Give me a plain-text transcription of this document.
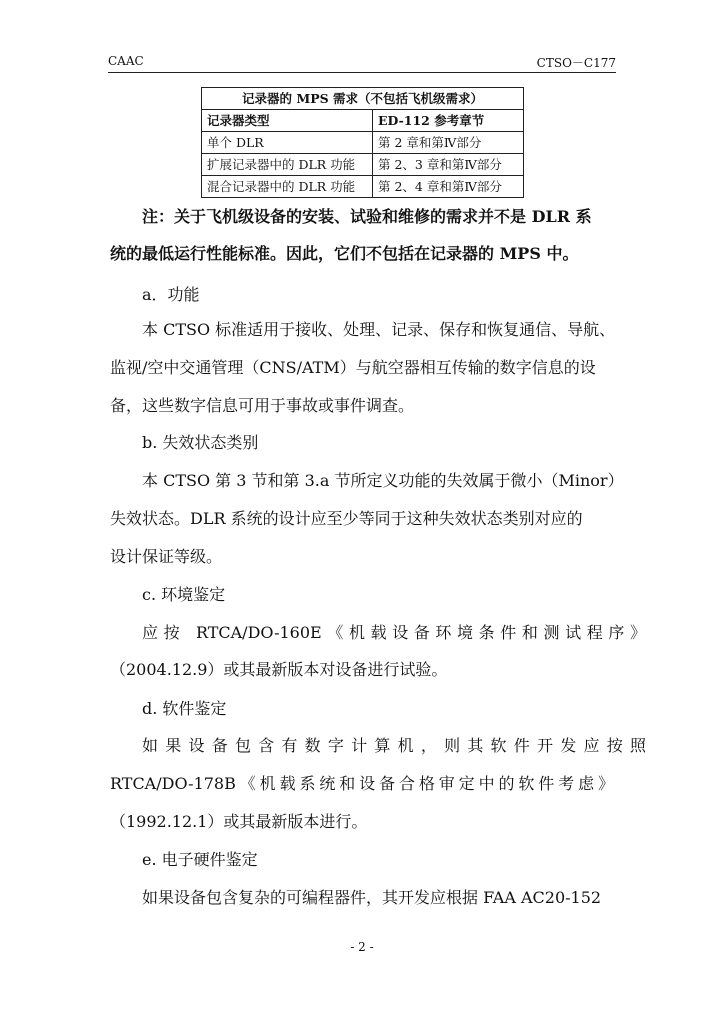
CAAC	CTSO－C177
记录器的 MPS 需求（不包括飞机级需求）	
记录器类型	ED-112 参考章节
单个 DLR	第 2 章和第Ⅳ部分
扩展记录器中的 DLR 功能	第 2、3 章和第Ⅳ部分
混合记录器中的 DLR 功能	第 2、4 章和第Ⅳ部分
注：关于飞机级设备的安装、试验和维修的需求并不是 DLR 系
统的最低运行性能标准。因此，它们不包括在记录器的 MPS 中。
a．功能
本 CTSO 标准适用于接收、处理、记录、保存和恢复通信、导航、
监视/空中交通管理（CNS/ATM）与航空器相互传输的数字信息的设
备，这些数字信息可用于事故或事件调查。
b. 失效状态类别
本 CTSO 第 3 节和第 3.a 节所定义功能的失效属于微小（Minor）
失效状态。DLR 系统的设计应至少等同于这种失效状态类别对应的
设计保证等级。
c. 环境鉴定
应按 RTCA/DO-160E《机载设备环境条件和测试程序》
（2004.12.9）或其最新版本对设备进行试验。
d. 软件鉴定
如果设备包含有数字计算机，则其软件开发应按照
RTCA/DO-178B《机载系统和设备合格审定中的软件考虑》
（1992.12.1）或其最新版本进行。
e. 电子硬件鉴定
如果设备包含复杂的可编程器件，其开发应根据 FAA AC20-152
- 2 -
